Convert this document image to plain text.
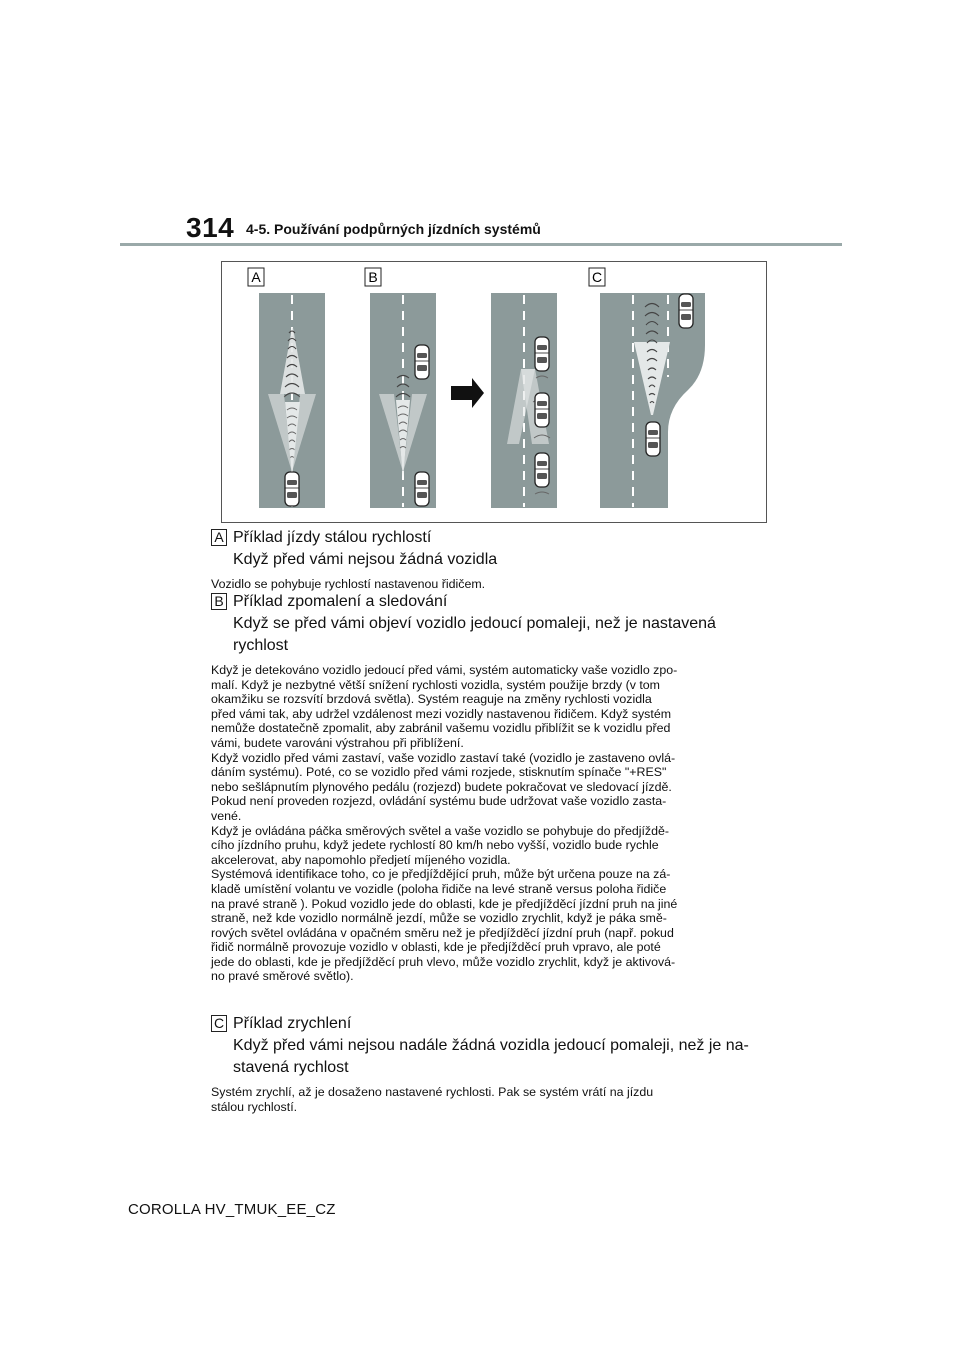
314 4-5. Používání podpůrných jízdních systémů
A	B	C
A Příklad jízdy stálou rychlostí
Když před vámi nejsou žádná vozidla

Vozidlo se pohybuje rychlostí nastavenou řidičem.

B Příklad zpomalení a sledování
Když se před vámi objeví vozidlo jedoucí pomaleji, než je nastavená
rychlost

Když je detekováno vozidlo jedoucí před vámi, systém automaticky vaše vozidlo zpo-

malí. Když je nezbytné větší snížení rychlosti vozidla, systém použije brzdy (v tom

okamžiku se rozsvítí brzdová světla). Systém reaguje na změny rychlosti vozidla

před vámi tak, aby udržel vzdálenost mezi vozidly nastavenou řidičem. Když systém

nemůže dostatečně zpomalit, aby zabránil vašemu vozidlu přiblížit se k vozidlu před

vámi, budete varováni výstrahou při přiblížení.

Když vozidlo před vámi zastaví, vaše vozidlo zastaví také (vozidlo je zastaveno ovlá-

dáním systému). Poté, co se vozidlo před vámi rozjede, stisknutím spínače "+RES"

nebo sešlápnutím plynového pedálu (rozjezd) budete pokračovat ve sledovací jízdě.

Pokud není proveden rozjezd, ovládání systému bude udržovat vaše vozidlo zasta-

vené.

Když je ovládána páčka směrových světel a vaše vozidlo se pohybuje do předjíždě-

cího jízdního pruhu, když jedete rychlostí 80 km/h nebo vyšší, vozidlo bude rychle

akcelerovat, aby napomohlo předjetí míjeného vozidla.

Systémová identifikace toho, co je předjíždějící pruh, může být určena pouze na zá-

kladě umístění volantu ve vozidle (poloha řidiče na levé straně versus poloha řidiče

na pravé straně ). Pokud vozidlo jede do oblasti, kde je předjížděcí jízdní pruh na jiné

straně, než kde vozidlo normálně jezdí, může se vozidlo zrychlit, když je páka smě-

rových světel ovládána v opačném směru než je předjížděcí jízdní pruh (např. pokud

řidič normálně provozuje vozidlo v oblasti, kde je předjížděcí pruh vpravo, ale poté

jede do oblasti, kde je předjížděcí pruh vlevo, může vozidlo zrychlit, když je aktivová-

no pravé směrové světlo).

C Příklad zrychlení
Když před vámi nejsou nadále žádná vozidla jedoucí pomaleji, než je na-
stavená rychlost

Systém zrychlí, až je dosaženo nastavené rychlosti. Pak se systém vrátí na jízdu

stálou rychlostí.

COROLLA HV_TMUK_EE_CZ
